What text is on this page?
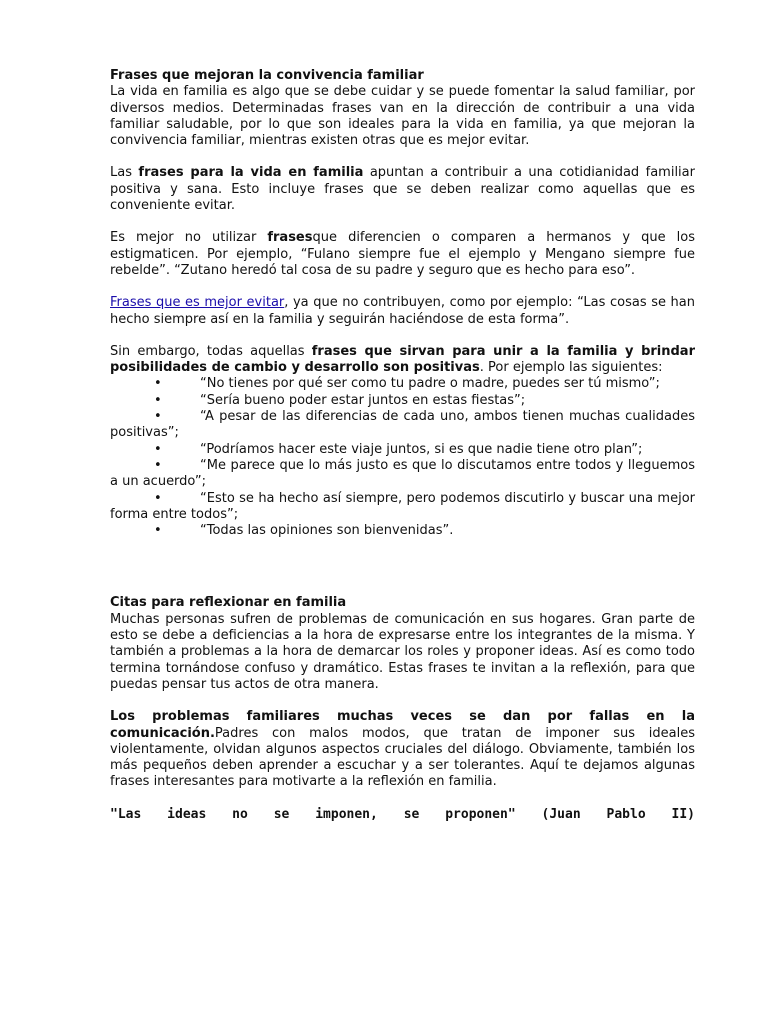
Frases que mejoran la convivencia familiar

La vida en familia es algo que se debe cuidar y se puede fomentar la salud familiar, por diversos medios. Determinadas frases van en la dirección de contribuir a una vida familiar saludable, por lo que son ideales para la vida en familia, ya que mejoran la convivencia familiar, mientras existen otras que es mejor evitar.

Las frases para la vida en familia apuntan a contribuir a una cotidianidad familiar positiva y sana. Esto incluye frases que se deben realizar como aquellas que es conveniente evitar.

Es mejor no utilizar frasesque diferencien o comparen a hermanos y que los estigmaticen. Por ejemplo, “Fulano siempre fue el ejemplo y Mengano siempre fue rebelde”. “Zutano heredó tal cosa de su padre y seguro que es hecho para eso”.

Frases que es mejor evitar, ya que no contribuyen, como por ejemplo: “Las cosas se han hecho siempre así en la familia y seguirán haciéndose de esta forma”.

Sin embargo, todas aquellas frases que sirvan para unir a la familia y brindar posibilidades de cambio y desarrollo son positivas. Por ejemplo las siguientes:

•	“No tienes por qué ser como tu padre o madre, puedes ser tú mismo”;
•	“Sería bueno poder estar juntos en estas fiestas”;
•	“A pesar de las diferencias de cada uno, ambos tienen muchas cualidades positivas”;
•	“Podríamos hacer este viaje juntos, si es que nadie tiene otro plan”;
•	“Me parece que lo más justo es que lo discutamos entre todos y lleguemos a un acuerdo”;
•	“Esto se ha hecho así siempre, pero podemos discutirlo y buscar una mejor forma entre todos”;
•	“Todas las opiniones son bienvenidas”.

Citas para reflexionar en familia

Muchas personas sufren de problemas de comunicación en sus hogares. Gran parte de esto se debe a deficiencias a la hora de expresarse entre los integrantes de la misma. Y también a problemas a la hora de demarcar los roles y proponer ideas. Así es como todo termina tornándose confuso y dramático. Estas frases te invitan a la reflexión, para que puedas pensar tus actos de otra manera.

Los problemas familiares muchas veces se dan por fallas en la comunicación.Padres con malos modos, que tratan de imponer sus ideales violentamente, olvidan algunos aspectos cruciales del diálogo. Obviamente, también los más pequeños deben aprender a escuchar y a ser tolerantes. Aquí te dejamos algunas frases interesantes para motivarte a la reflexión en familia.

"Las ideas no se imponen, se proponen" (Juan Pablo II)
